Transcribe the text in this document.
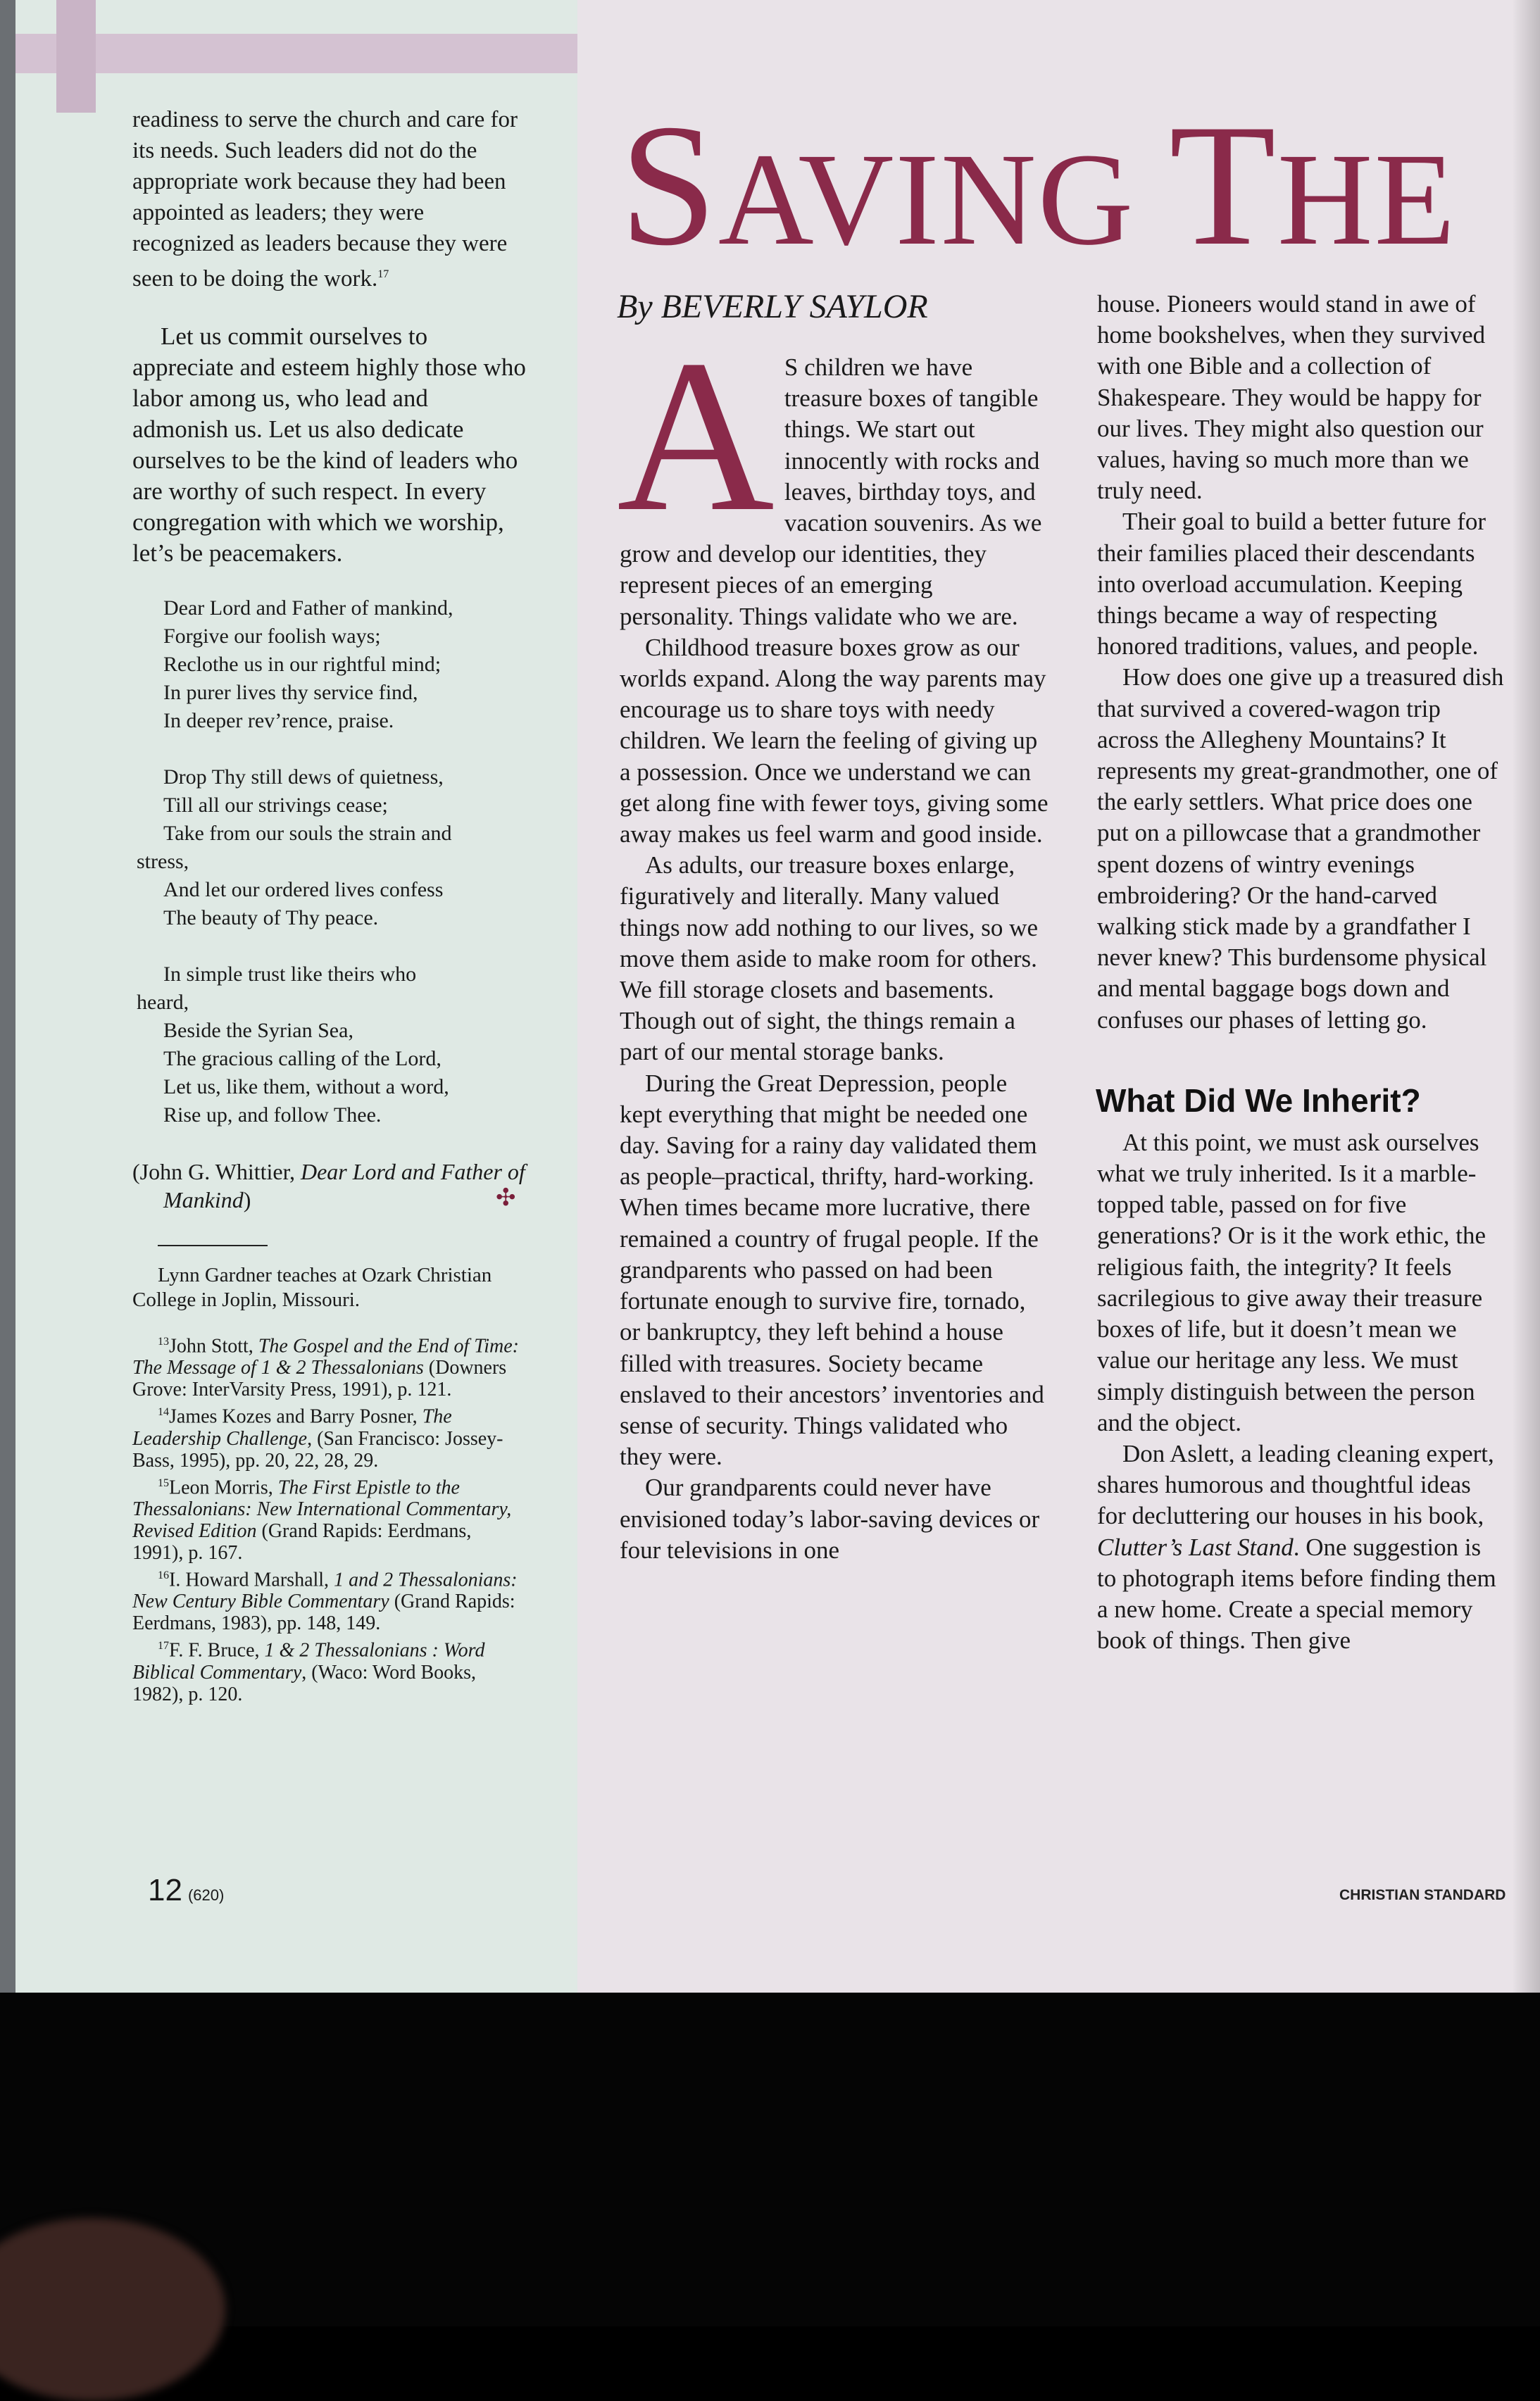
readiness to serve the church and care for its needs. Such leaders did not do the appropriate work because they had been appointed as leaders; they were recognized as leaders because they were seen to be doing the work.$^{17}$

Let us commit ourselves to appreciate and esteem highly those who labor among us, who lead and admonish us. Let us also dedicate ourselves to be the kind of leaders who are worthy of such respect. In every congregation with which we worship, let’s be peacemakers.

Dear Lord and Father of mankind,
Forgive our foolish ways;
Reclothe us in our rightful mind;
In purer lives thy service find,
In deeper rev’rence, praise.
Drop Thy still dews of quietness,
Till all our strivings cease;
Take from our souls the strain and
stress,
And let our ordered lives confess
The beauty of Thy peace.
In simple trust like theirs who
heard,
Beside the Syrian Sea,
The gracious calling of the Lord,
Let us, like them, without a word,
Rise up, and follow Thee.

(John G. Whittier, Dear Lord and Father of Mankind)	✣

Lynn Gardner teaches at Ozark Christian College in Joplin, Missouri.

$^{13}$John Stott, The Gospel and the End of Time: The Message of 1 & 2 Thessalonians (Downers Grove: InterVarsity Press, 1991), p. 121.

$^{14}$James Kozes and Barry Posner, The Leadership Challenge, (San Francisco: Jossey-Bass, 1995), pp. 20, 22, 28, 29.

$^{15}$Leon Morris, The First Epistle to the Thessalonians: New International Commentary, Revised Edition (Grand Rapids: Eerdmans, 1991), p. 167.

$^{16}$I. Howard Marshall, 1 and 2 Thessalonians: New Century Bible Commentary (Grand Rapids: Eerdmans, 1983), pp. 148, 149.

$^{17}$F. F. Bruce, 1 & 2 Thessalonians : Word Biblical Commentary, (Waco: Word Books, 1982), p. 120.

12 (620)
SAVING THE
By BEVERLY SAYLOR

A S children we have treasure boxes of tangible things. We start out innocently with rocks and leaves, birthday toys, and vacation souvenirs. As we grow and develop our identities, they represent pieces of an emerging personality. Things validate who we are.

Childhood treasure boxes grow as our worlds expand. Along the way parents may encourage us to share toys with needy children. We learn the feeling of giving up a possession. Once we understand we can get along fine with fewer toys, giving some away makes us feel warm and good inside.

As adults, our treasure boxes enlarge, figuratively and literally. Many valued things now add nothing to our lives, so we move them aside to make room for others. We fill storage closets and basements. Though out of sight, the things remain a part of our mental storage banks.

During the Great Depression, people kept everything that might be needed one day. Saving for a rainy day validated them as people–practical, thrifty, hard-working. When times became more lucrative, there remained a country of frugal people. If the grandparents who passed on had been fortunate enough to survive fire, tornado, or bankruptcy, they left behind a house filled with treasures. Society became enslaved to their ancestors’ inventories and sense of security. Things validated who they were.

Our grandparents could never have envisioned today’s labor-saving devices or four televisions in one

house. Pioneers would stand in awe of home bookshelves, when they survived with one Bible and a collection of Shakespeare. They would be happy for our lives. They might also question our values, having so much more than we truly need.

Their goal to build a better future for their families placed their descendants into overload accumulation. Keeping things became a way of respecting honored traditions, values, and people.

How does one give up a treasured dish that survived a covered-wagon trip across the Allegheny Mountains? It represents my great-grandmother, one of the early settlers. What price does one put on a pillowcase that a grandmother spent dozens of wintry evenings embroidering? Or the hand-carved walking stick made by a grandfather I never knew? This burdensome physical and mental baggage bogs down and confuses our phases of letting go.

What Did We Inherit?

At this point, we must ask ourselves what we truly inherited. Is it a marble-topped table, passed on for five generations? Or is it the work ethic, the religious faith, the integrity? It feels sacrilegious to give away their treasure boxes of life, but it doesn’t mean we value our heritage any less. We must simply distinguish between the person and the object.

Don Aslett, a leading cleaning expert, shares humorous and thoughtful ideas for decluttering our houses in his book, Clutter’s Last Stand. One suggestion is to photograph items before finding them a new home. Create a special memory book of things. Then give

CHRISTIAN STANDARD
